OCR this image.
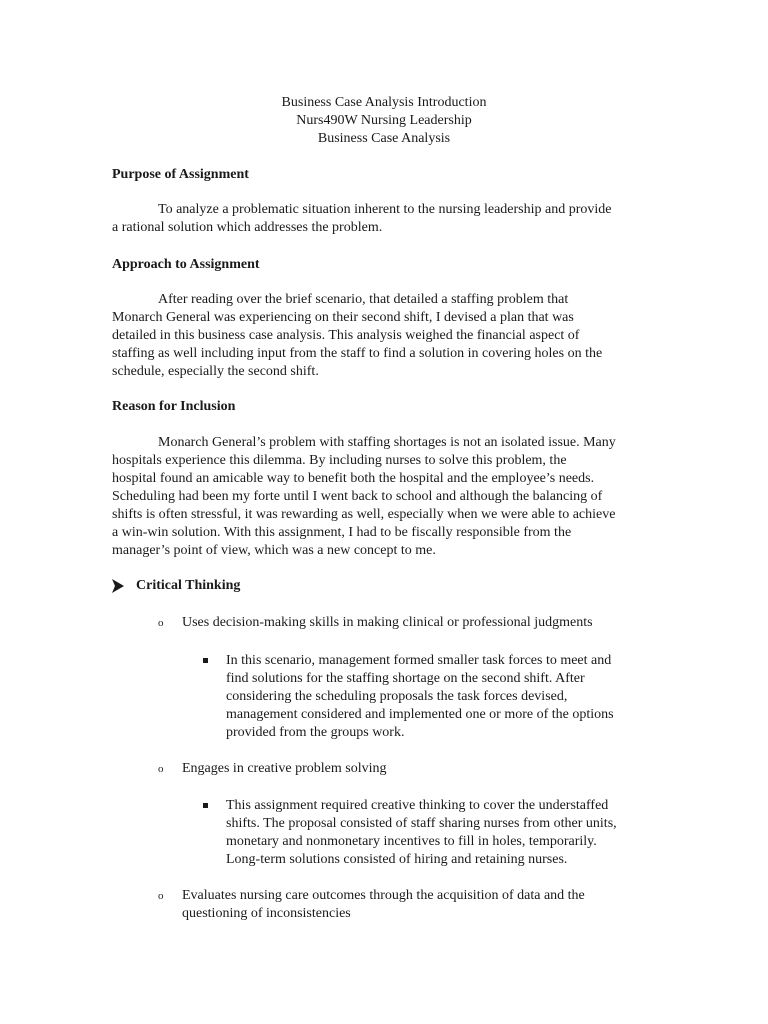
Business Case Analysis Introduction
Nurs490W Nursing Leadership
Business Case Analysis
Purpose of Assignment
To analyze a problematic situation inherent to the nursing leadership and provide
a rational solution which addresses the problem.
Approach to Assignment
After reading over the brief scenario, that detailed a staffing problem that
Monarch General was experiencing on their second shift, I devised a plan that was
detailed in this business case analysis. This analysis weighed the financial aspect of
staffing as well including input from the staff to find a solution in covering holes on the
schedule, especially the second shift.
Reason for Inclusion
Monarch General’s problem with staffing shortages is not an isolated issue. Many
hospitals experience this dilemma. By including nurses to solve this problem, the
hospital found an amicable way to benefit both the hospital and the employee’s needs.
Scheduling had been my forte until I went back to school and although the balancing of
shifts is often stressful, it was rewarding as well, especially when we were able to achieve
a win-win solution. With this assignment, I had to be fiscally responsible from the
manager’s point of view, which was a new concept to me.
Critical Thinking
o	Uses decision-making skills in making clinical or professional judgments
In this scenario, management formed smaller task forces to meet and
find solutions for the staffing shortage on the second shift. After
considering the scheduling proposals the task forces devised,
management considered and implemented one or more of the options
provided from the groups work.
o	Engages in creative problem solving
This assignment required creative thinking to cover the understaffed
shifts. The proposal consisted of staff sharing nurses from other units,
monetary and nonmonetary incentives to fill in holes, temporarily.
Long-term solutions consisted of hiring and retaining nurses.
o	Evaluates nursing care outcomes through the acquisition of data and the
questioning of inconsistencies
